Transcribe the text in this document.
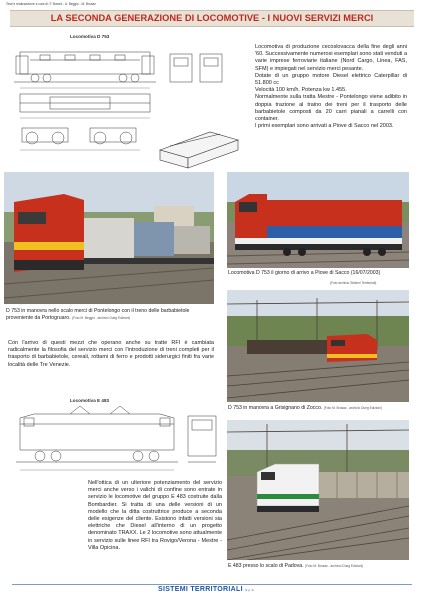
Testi e realizzazione a cura di: F. Baroni - A. Beggio - M. Brusaz
LA SECONDA GENERAZIONE DI LOCOMOTIVE - I NUOVI SERVIZI MERCI
Locomotiva D 753
Locomotiva di produzione cecoslovacca della fine degli anni '60. Successivamente numerosi esemplari sono stati venduti a varie imprese ferroviarie italiane (Nord Cargo, Linea, FAS, SFM) e impiegati nel servizio merci pesante.
Dotate di un gruppo motore Diesel elettrico Caterpillar di 51.800 cc
Velocità 100 km/h. Potenza kw 1.455.
Normalmente sulla tratta Mestre - Pontelongo viene adibito in doppia trazione al traino dei treni per il trasporto delle barbabietole composti da 20 carri pianali a carrelli con container.
I primi esemplari sono arrivati a Piove di Sacco nel 2003.
D 753 in manovra nello scalo merci di Pontelongo con il treno delle barbabietole proveniente da Portogruaro. (Foto M. Beggio - archivio Dueg Edizioni)
Locomotiva D 753 il giorno di arrivo a Piove di Sacco (16/07/2003)
(Foto archivio Sistemi Territoriali)
D 753 in manovra a Grisignano di Zocco. (Foto M. Brusaz - archivio Dueg Edizioni)
Con l'arrivo di questi mezzi che operano anche su tratte RFI è cambiata radicalmente la filosofia del servizio merci con l'introduzione di treni completi per il trasporto di barbabietole, cereali, rottami di ferro e prodotti siderurgici finiti fra varie località delle Tre Venezie.
Locomotiva E 483
Nell'ottica di un ulteriore potenziamento del servizio merci anche verso i valichi di confine sono entrate in servizio le locomotive del gruppo E 483 costruite dalla Bombardier. Si tratta di una delle versioni di un modello che la ditta costruttrice produce a seconda delle esigenze del cliente. Esistono infatti versioni sia elettriche che Diesel all'interno di un progetto denominato TRAXX. Le 2 locomotive sono attualmente in servizio sulle linee RFI tra Rovigo/Verona - Mestre - Villa Opicina.
E 483 presso lo scalo di Padova. (Foto M. Brusaz - archivio Dueg Edizioni)
SISTEMI TERRITORIALI S.p.A.
